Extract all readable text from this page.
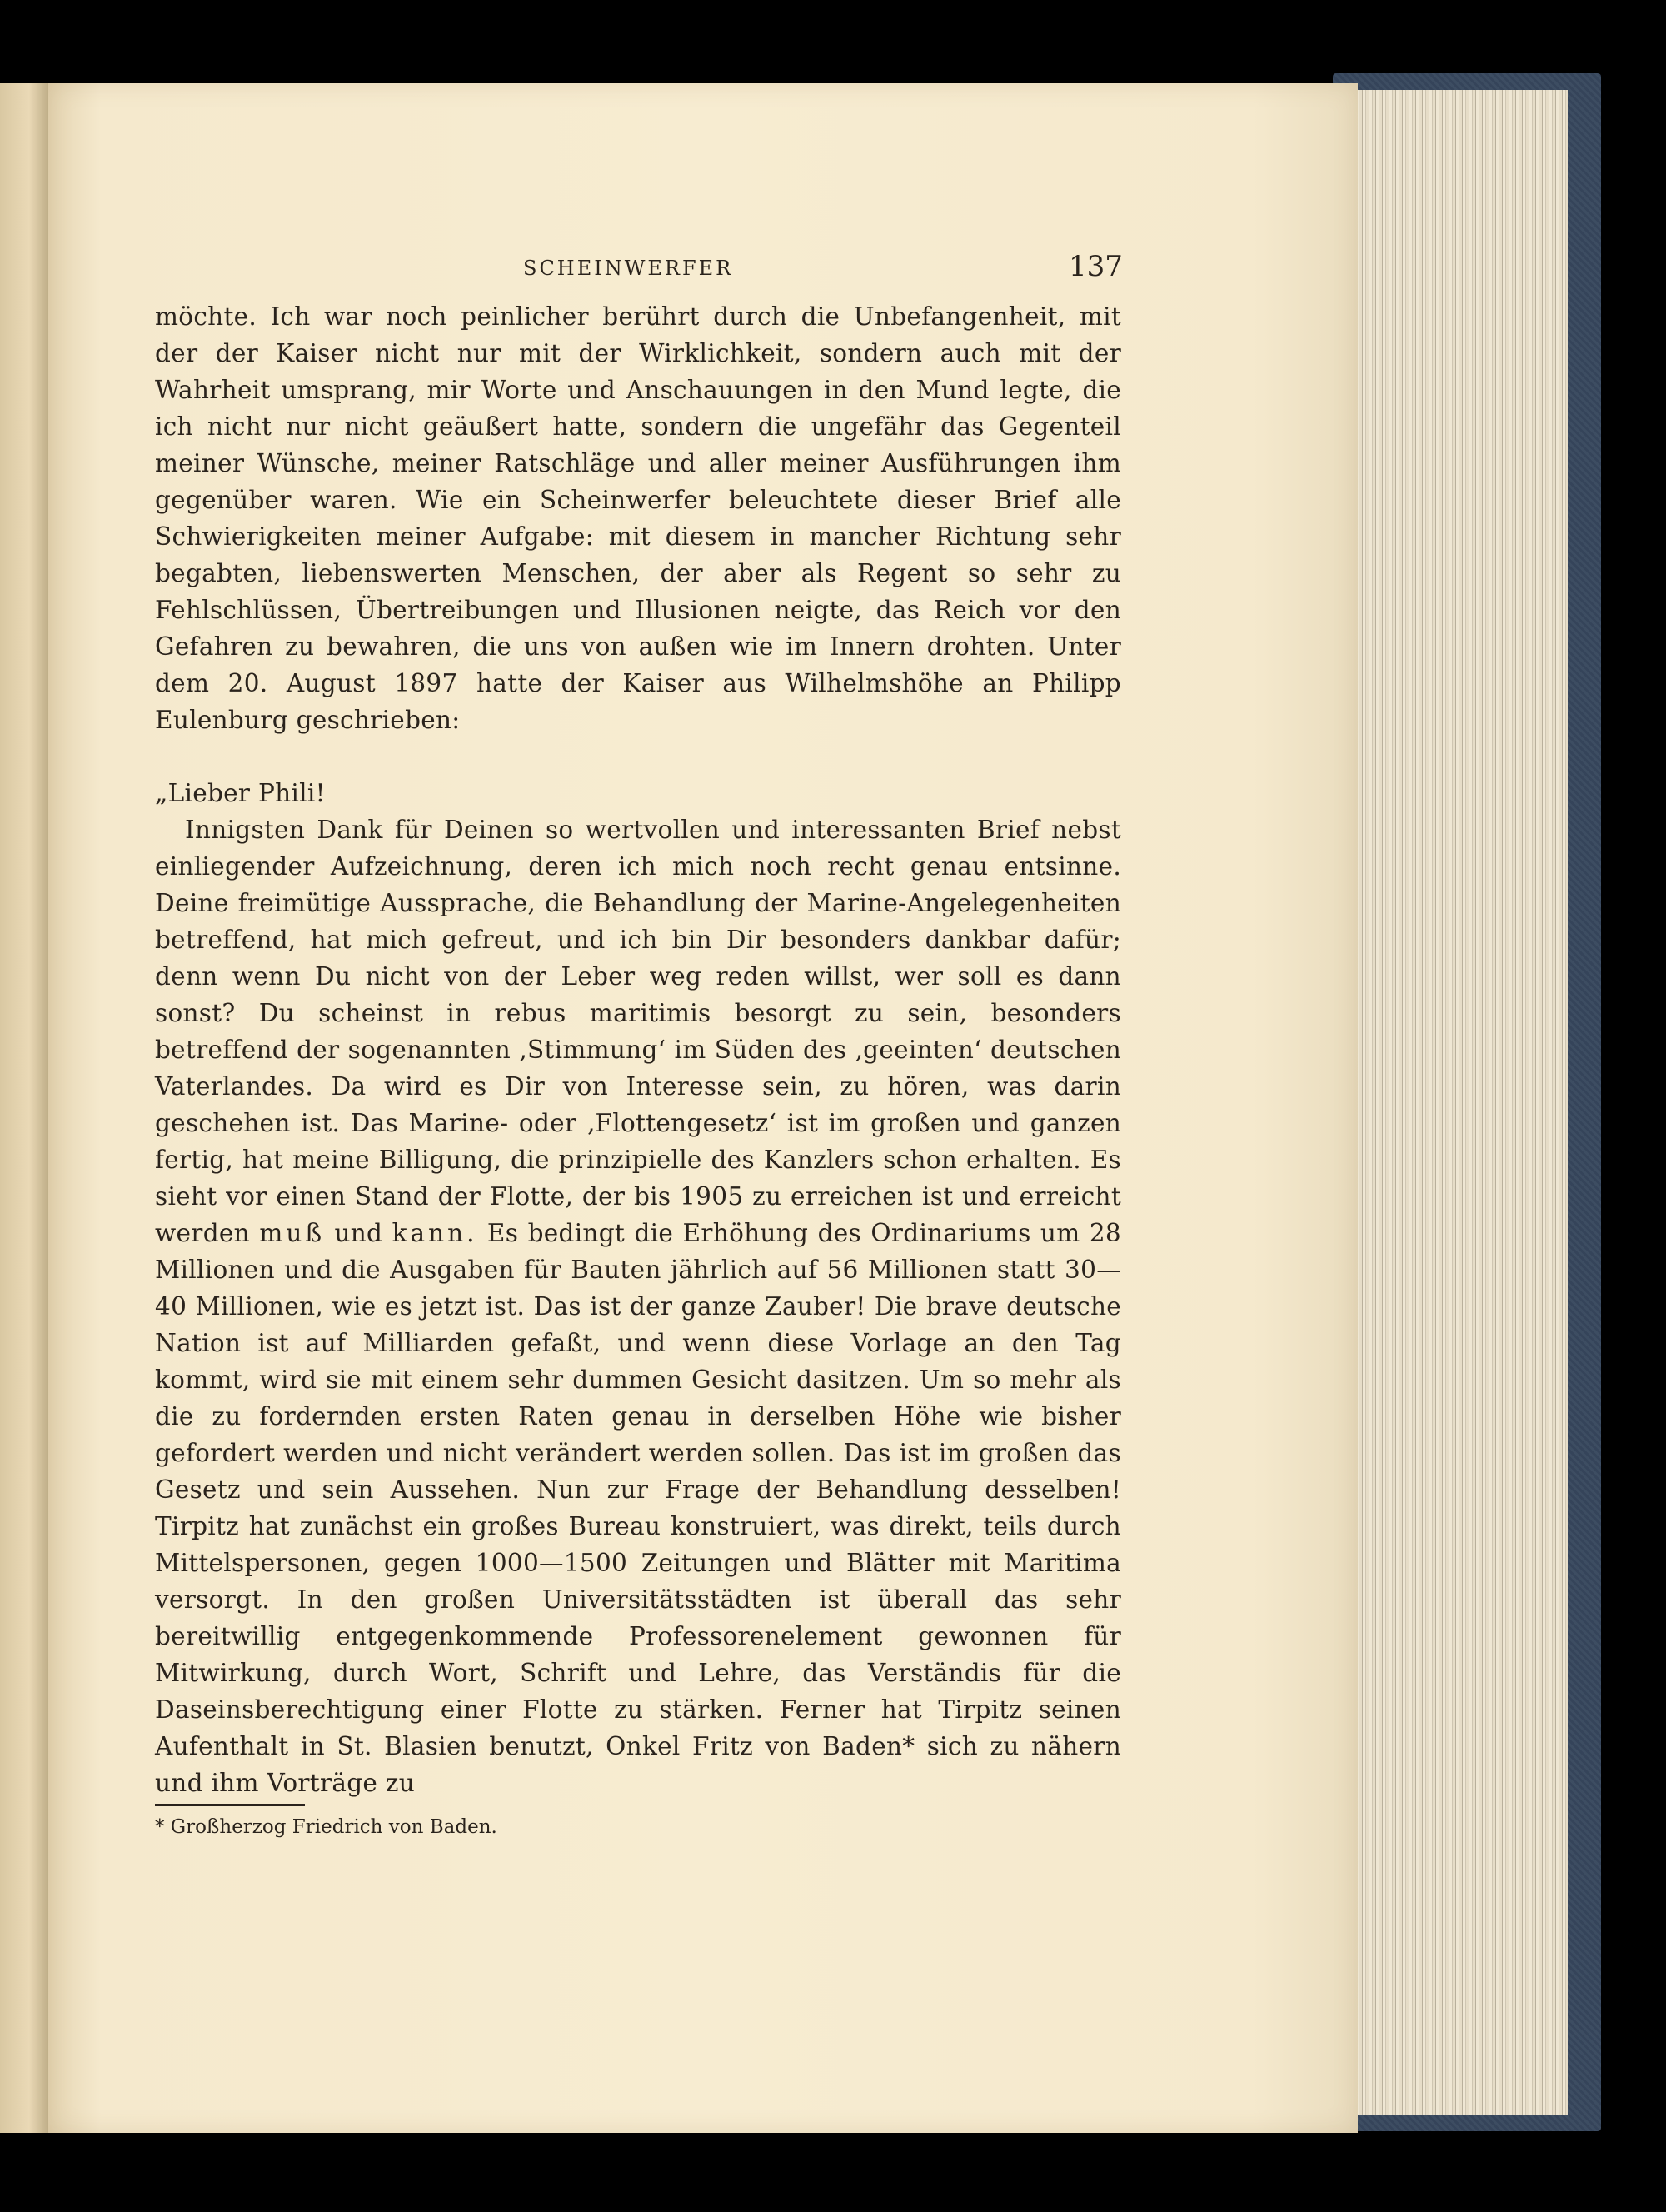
SCHEINWERFER	137

möchte. Ich war noch peinlicher berührt durch die Unbefangenheit, mit der der Kaiser nicht nur mit der Wirklichkeit, sondern auch mit der Wahrheit umsprang, mir Worte und Anschauungen in den Mund legte, die ich nicht nur nicht geäußert hatte, sondern die ungefähr das Gegenteil meiner Wünsche, meiner Ratschläge und aller meiner Ausführungen ihm gegenüber waren. Wie ein Scheinwerfer beleuchtete dieser Brief alle Schwierigkeiten meiner Aufgabe: mit diesem in mancher Richtung sehr begabten, liebenswerten Menschen, der aber als Regent so sehr zu Fehlschlüssen, Übertreibungen und Illusionen neigte, das Reich vor den Gefahren zu bewahren, die uns von außen wie im Innern drohten. Unter dem 20. August 1897 hatte der Kaiser aus Wilhelmshöhe an Philipp Eulenburg geschrieben:

„Lieber Phili!

Innigsten Dank für Deinen so wertvollen und interessanten Brief nebst einliegender Aufzeichnung, deren ich mich noch recht genau entsinne. Deine freimütige Aussprache, die Behandlung der Marine-Angelegenheiten betreffend, hat mich gefreut, und ich bin Dir besonders dankbar dafür; denn wenn Du nicht von der Leber weg reden willst, wer soll es dann sonst? Du scheinst in rebus maritimis besorgt zu sein, besonders betreffend der sogenannten ‚Stimmung‘ im Süden des ‚geeinten‘ deutschen Vaterlandes. Da wird es Dir von Interesse sein, zu hören, was darin geschehen ist. Das Marine- oder ‚Flottengesetz‘ ist im großen und ganzen fertig, hat meine Billigung, die prinzipielle des Kanzlers schon erhalten. Es sieht vor einen Stand der Flotte, der bis 1905 zu erreichen ist und erreicht werden muß und kann. Es bedingt die Erhöhung des Ordinariums um 28 Millionen und die Ausgaben für Bauten jährlich auf 56 Millionen statt 30—40 Millionen, wie es jetzt ist. Das ist der ganze Zauber! Die brave deutsche Nation ist auf Milliarden gefaßt, und wenn diese Vorlage an den Tag kommt, wird sie mit einem sehr dummen Gesicht dasitzen. Um so mehr als die zu fordernden ersten Raten genau in derselben Höhe wie bisher gefordert werden und nicht verändert werden sollen. Das ist im großen das Gesetz und sein Aussehen. Nun zur Frage der Behandlung desselben! Tirpitz hat zunächst ein großes Bureau konstruiert, was direkt, teils durch Mittelspersonen, gegen 1000—1500 Zeitungen und Blätter mit Maritima versorgt. In den großen Universitätsstädten ist überall das sehr bereitwillig entgegenkommende Professorenelement gewonnen für Mitwirkung, durch Wort, Schrift und Lehre, das Verständis für die Daseinsberechtigung einer Flotte zu stärken. Ferner hat Tirpitz seinen Aufenthalt in St. Blasien benutzt, Onkel Fritz von Baden* sich zu nähern und ihm Vorträge zu

* Großherzog Friedrich von Baden.
